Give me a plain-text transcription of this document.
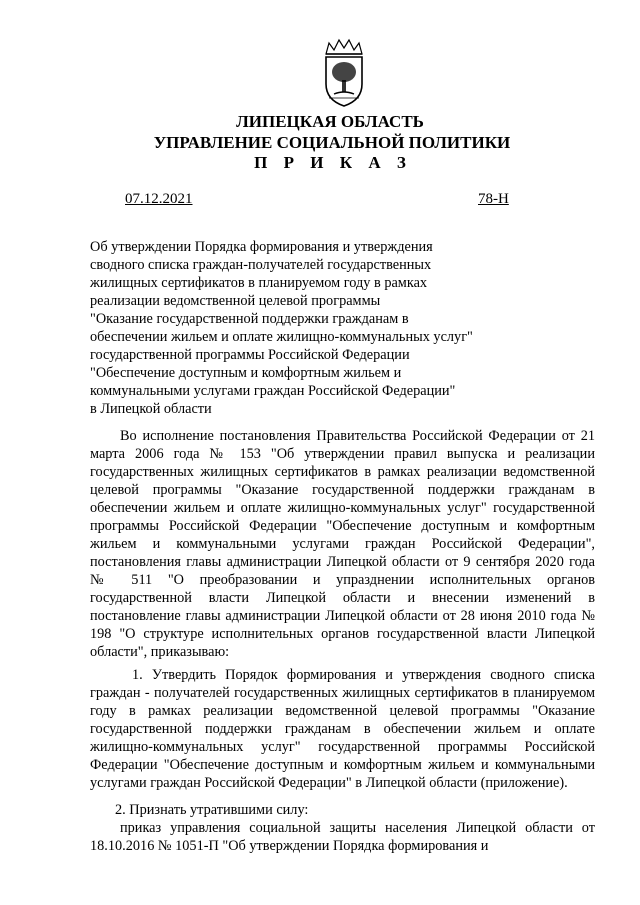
ЛИПЕЦКАЯ ОБЛАСТЬ

УПРАВЛЕНИЕ СОЦИАЛЬНОЙ ПОЛИТИКИ

П Р И К А З

07.12.2021	78-Н

Об утверждении Порядка формирования и утверждения
сводного списка граждан-получателей государственных
жилищных сертификатов в планируемом году в рамках
реализации ведомственной целевой программы
"Оказание государственной поддержки гражданам в
обеспечении жильем и оплате жилищно-коммунальных услуг"
государственной программы Российской Федерации
"Обеспечение доступным и комфортным жильем и
коммунальными услугами граждан Российской Федерации"
в Липецкой области

Во исполнение постановления Правительства Российской Федерации от 21 марта 2006 года № 153 "Об утверждении правил выпуска и реализации государственных жилищных сертификатов в рамках реализации ведомственной целевой программы "Оказание государственной поддержки гражданам в обеспечении жильем и оплате жилищно-коммунальных услуг" государственной программы Российской Федерации "Обеспечение доступным и комфортным жильем и коммунальными услугами граждан Российской Федерации", постановления главы администрации Липецкой области от 9 сентября 2020 года № 511 "О преобразовании и упразднении исполнительных органов государственной власти Липецкой области и внесении изменений в постановление главы администрации Липецкой области от 28 июня 2010 года № 198 "О структуре исполнительных органов государственной власти Липецкой области", приказываю:

1. Утвердить Порядок формирования и утверждения сводного списка граждан - получателей государственных жилищных сертификатов в планируемом году в рамках реализации ведомственной целевой программы "Оказание государственной поддержки гражданам в обеспечении жильем и оплате жилищно-коммунальных услуг" государственной программы Российской Федерации "Обеспечение доступным и комфортным жильем и коммунальными услугами граждан Российской Федерации" в Липецкой области (приложение).

2. Признать утратившими силу:

приказ управления социальной защиты населения Липецкой области от 18.10.2016 № 1051-П "Об утверждении Порядка формирования и
